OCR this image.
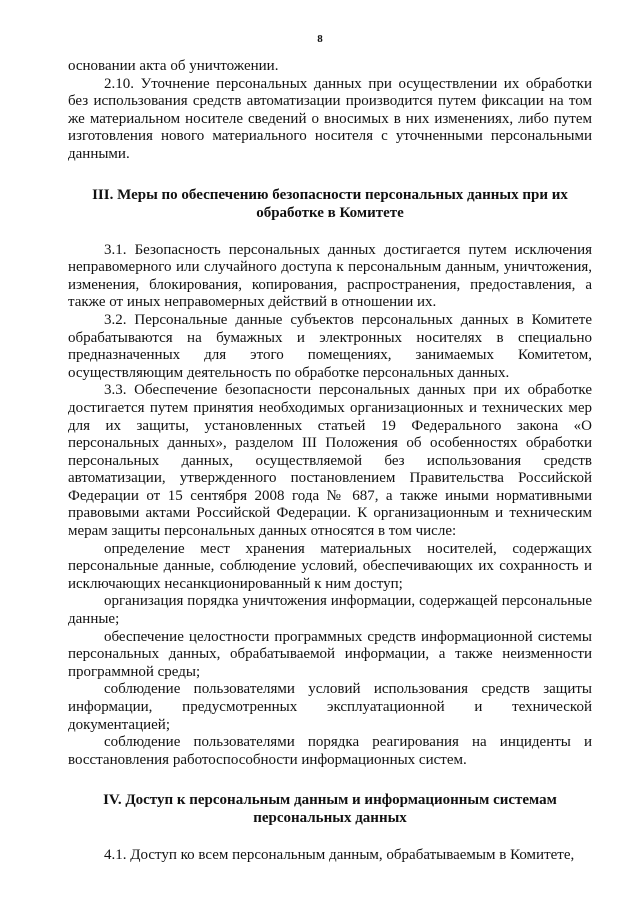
8

основании акта об уничтожении.

2.10. Уточнение персональных данных при осуществлении их обработки без использования средств автоматизации производится путем фиксации на том же материальном носителе сведений о вносимых в них изменениях, либо путем изготовления нового материального носителя с уточненными персональными данными.

III. Меры по обеспечению безопасности персональных данных при их
обработке в Комитете

3.1. Безопасность персональных данных достигается путем исключения неправомерного или случайного доступа к персональным данным, уничтожения, изменения, блокирования, копирования, распространения, предоставления, а также от иных неправомерных действий в отношении их.

3.2. Персональные данные субъектов персональных данных в Комитете обрабатываются на бумажных и электронных носителях в специально предназначенных для этого помещениях, занимаемых Комитетом, осуществляющим деятельность по обработке персональных данных.

3.3. Обеспечение безопасности персональных данных при их обработке достигается путем принятия необходимых организационных и технических мер для их защиты, установленных статьей 19 Федерального закона «О персональных данных», разделом III Положения об особенностях обработки персональных данных, осуществляемой без использования средств автоматизации, утвержденного постановлением Правительства Российской Федерации от 15 сентября 2008 года № 687, а также иными нормативными правовыми актами Российской Федерации. К организационным и техническим мерам защиты персональных данных относятся в том числе:

определение мест хранения материальных носителей, содержащих персональные данные, соблюдение условий, обеспечивающих их сохранность и исключающих несанкционированный к ним доступ;

организация порядка уничтожения информации, содержащей персональные данные;

обеспечение целостности программных средств информационной системы персональных данных, обрабатываемой информации, а также неизменности программной среды;

соблюдение пользователями условий использования средств защиты информации, предусмотренных эксплуатационной и технической документацией;

соблюдение пользователями порядка реагирования на инциденты и восстановления работоспособности информационных систем.

IV. Доступ к персональным данным и информационным системам
персональных данных

4.1. Доступ ко всем персональным данным, обрабатываемым в Комитете,
